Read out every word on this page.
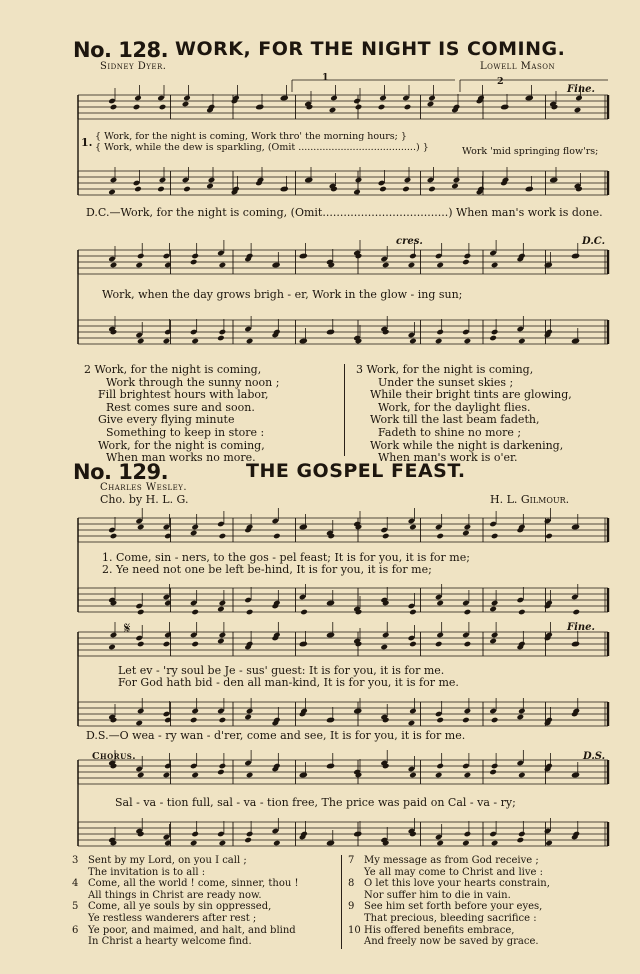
No. 128. WORK, FOR THE NIGHT IS COMING.
Sidney Dyer.	Lowell Mason
1	2
Fine.
1. { Work, for the night is coming, Work thro' the morning hours; }
{ Work, while the dew is sparkling, (Omit .......................................) }	Work 'mid springing flow'rs;
D.C.—Work, for the night is coming, (Omit....................................) When man's work is done.
cres.	D.C.
Work, when the day grows brigh - er, Work in the glow - ing sun;
2 Work, for the night is coming,
Work through the sunny noon ;
Fill brightest hours with labor,
Rest comes sure and soon.
Give every flying minute
Something to keep in store :
Work, for the night is coming,
When man works no more.
3 Work, for the night is coming,
Under the sunset skies ;
While their bright tints are glowing,
Work, for the daylight flies.
Work till the last beam fadeth,
Fadeth to shine no more ;
Work while the night is darkening,
When man's work is o'er.
No. 129.	THE GOSPEL FEAST.
Charles Wesley.
Cho. by H. L. G.	H. L. Gilmour.
1. Come, sin - ners, to the gos - pel feast; It is for you, it is for me;
2. Ye need not one be left be-hind, It is for you, it is for me;
𝄋	Fine.
Let ev - 'ry soul be Je - sus' guest: It is for you, it is for me.
For God hath bid - den all man-kind, It is for you, it is for me.
D.S.—O wea - ry wan - d'rer, come and see, It is for you, it is for me.
Chorus.	D.S.
Sal - va - tion full, sal - va - tion free, The price was paid on Cal - va - ry;
3 Sent by my Lord, on you I call ;
The invitation is to all :
4 Come, all the world ! come, sinner, thou !
All things in Christ are ready now.
5 Come, all ye souls by sin oppressed,
Ye restless wanderers after rest ;
6 Ye poor, and maimed, and halt, and blind
In Christ a hearty welcome find.
7 My message as from God receive ;
Ye all may come to Christ and live :
8 O let this love your hearts constrain,
Nor suffer him to die in vain.
9 See him set forth before your eyes,
That precious, bleeding sacrifice :
10 His offered benefits embrace,
And freely now be saved by grace.
